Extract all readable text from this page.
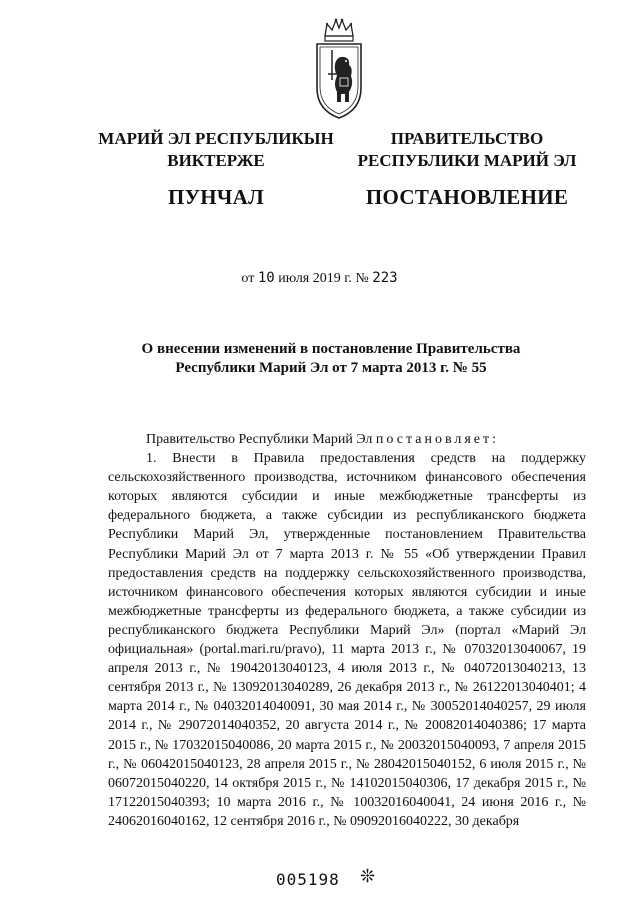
МАРИЙ ЭЛ РЕСПУБЛИКЫН
ВИКТЕРЖЕ
ПУНЧАЛ
ПРАВИТЕЛЬСТВО
РЕСПУБЛИКИ МАРИЙ ЭЛ
ПОСТАНОВЛЕНИЕ
от 10 июля 2019 г. № 223
О внесении изменений в постановление Правительства
Республики Марий Эл от 7 марта 2013 г. № 55

Правительство Республики Марий Эл постановляет:

1. Внести в Правила предоставления средств на поддержку сельскохозяйственного производства, источником финансового обеспечения которых являются субсидии и иные межбюджетные трансферты из федерального бюджета, а также субсидии из республиканского бюджета Республики Марий Эл, утвержденные постановлением Правительства Республики Марий Эл от 7 марта 2013 г. № 55 «Об утверждении Правил предоставления средств на поддержку сельскохозяйственного производства, источником финансового обеспечения которых являются субсидии и иные межбюджетные трансферты из федерального бюджета, а также субсидии из республиканского бюджета Республики Марий Эл» (портал «Марий Эл официальная» (portal.mari.ru/pravo), 11 марта 2013 г., № 07032013040067, 19 апреля 2013 г., № 19042013040123, 4 июля 2013 г., № 04072013040213, 13 сентября 2013 г., № 13092013040289, 26 декабря 2013 г., № 26122013040401; 4 марта 2014 г., № 04032014040091, 30 мая 2014 г., № 30052014040257, 29 июля 2014 г., № 29072014040352, 20 августа 2014 г., № 20082014040386; 17 марта 2015 г., № 17032015040086, 20 марта 2015 г., № 20032015040093, 7 апреля 2015 г., № 06042015040123, 28 апреля 2015 г., № 28042015040152, 6 июля 2015 г., № 06072015040220, 14 октября 2015 г., № 14102015040306, 17 декабря 2015 г., № 17122015040393; 10 марта 2016 г., № 10032016040041, 24 июня 2016 г., № 24062016040162, 12 сентября 2016 г., № 09092016040222, 30 декабря

005198 ❊
